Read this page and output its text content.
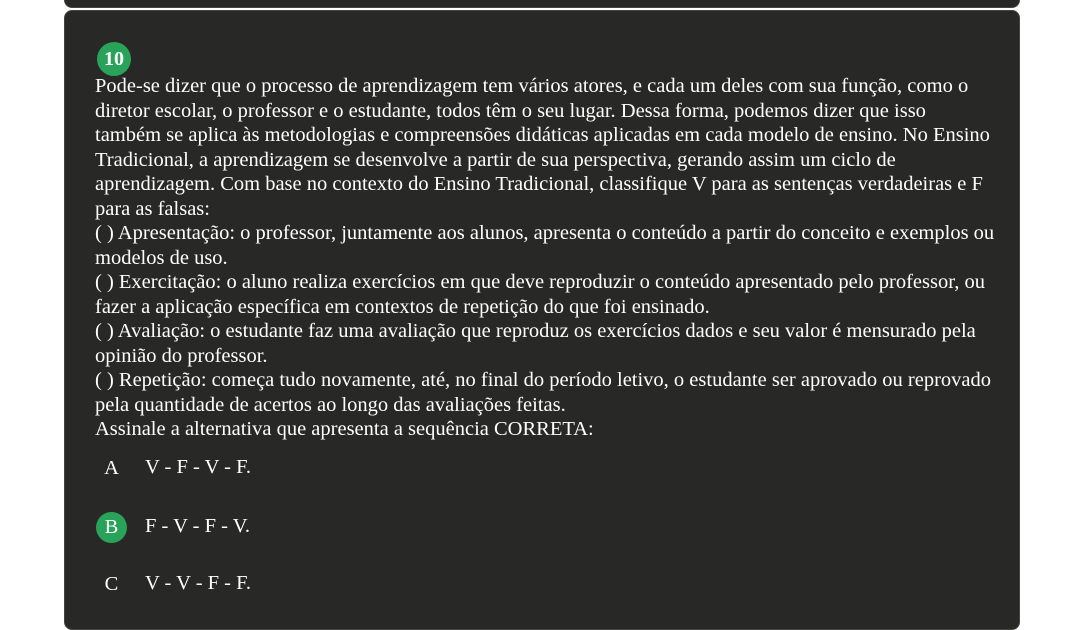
10

Pode-se dizer que o processo de aprendizagem tem vários atores, e cada um deles com sua função, como o diretor escolar, o professor e o estudante, todos têm o seu lugar. Dessa forma, podemos dizer que isso também se aplica às metodologias e compreensões didáticas aplicadas em cada modelo de ensino. No Ensino Tradicional, a aprendizagem se desenvolve a partir de sua perspectiva, gerando assim um ciclo de aprendizagem. Com base no contexto do Ensino Tradicional, classifique V para as sentenças verdadeiras e F para as falsas:

( ) Apresentação: o professor, juntamente aos alunos, apresenta o conteúdo a partir do conceito e exemplos ou modelos de uso.

( ) Exercitação: o aluno realiza exercícios em que deve reproduzir o conteúdo apresentado pelo professor, ou fazer a aplicação específica em contextos de repetição do que foi ensinado.

( ) Avaliação: o estudante faz uma avaliação que reproduz os exercícios dados e seu valor é mensurado pela opinião do professor.

( ) Repetição: começa tudo novamente, até, no final do período letivo, o estudante ser aprovado ou reprovado pela quantidade de acertos ao longo das avaliações feitas.

Assinale a alternativa que apresenta a sequência CORRETA:

A	V - F - V - F.
B	F - V - F - V.
C	V - V - F - F.
